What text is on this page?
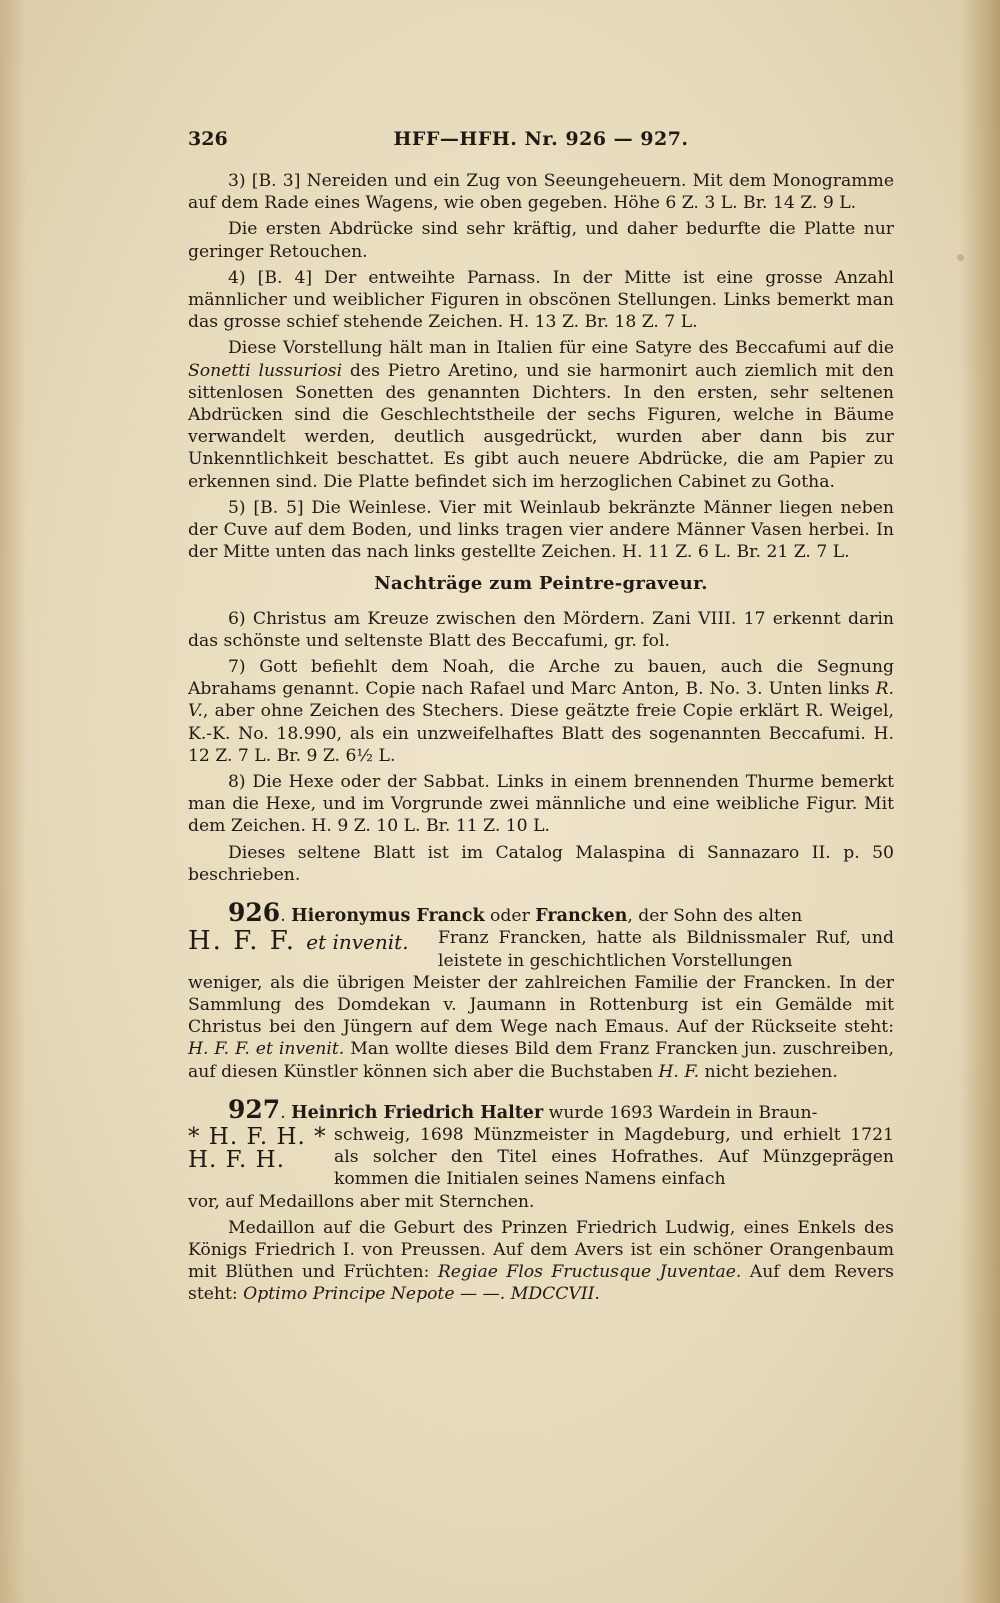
326	HFF—HFH. Nr. 926 — 927.

3) [B. 3] Nereiden und ein Zug von Seeungeheuern. Mit dem Monogramme auf dem Rade eines Wagens, wie oben gegeben. Höhe 6 Z. 3 L. Br. 14 Z. 9 L.

Die ersten Abdrücke sind sehr kräftig, und daher bedurfte die Platte nur geringer Retouchen.

4) [B. 4] Der entweihte Parnass. In der Mitte ist eine grosse Anzahl männlicher und weiblicher Figuren in obscönen Stellungen. Links bemerkt man das grosse schief stehende Zeichen. H. 13 Z. Br. 18 Z. 7 L.

Diese Vorstellung hält man in Italien für eine Satyre des Beccafumi auf die Sonetti lussuriosi des Pietro Aretino, und sie harmonirt auch ziemlich mit den sittenlosen Sonetten des genannten Dichters. In den ersten, sehr seltenen Abdrücken sind die Geschlechtstheile der sechs Figuren, welche in Bäume verwandelt werden, deutlich ausgedrückt, wurden aber dann bis zur Unkenntlichkeit beschattet. Es gibt auch neuere Abdrücke, die am Papier zu erkennen sind. Die Platte befindet sich im herzoglichen Cabinet zu Gotha.

5) [B. 5] Die Weinlese. Vier mit Weinlaub bekränzte Männer liegen neben der Cuve auf dem Boden, und links tragen vier andere Männer Vasen herbei. In der Mitte unten das nach links gestellte Zeichen. H. 11 Z. 6 L. Br. 21 Z. 7 L.

Nachträge zum Peintre-graveur.

6) Christus am Kreuze zwischen den Mördern. Zani VIII. 17 erkennt darin das schönste und seltenste Blatt des Beccafumi, gr. fol.

7) Gott befiehlt dem Noah, die Arche zu bauen, auch die Segnung Abrahams genannt. Copie nach Rafael und Marc Anton, B. No. 3. Unten links R. V., aber ohne Zeichen des Stechers. Diese geätzte freie Copie erklärt R. Weigel, K.-K. No. 18.990, als ein unzweifelhaftes Blatt des sogenannten Beccafumi. H. 12 Z. 7 L. Br. 9 Z. 6½ L.

8) Die Hexe oder der Sabbat. Links in einem brennenden Thurme bemerkt man die Hexe, und im Vorgrunde zwei männliche und eine weibliche Figur. Mit dem Zeichen. H. 9 Z. 10 L. Br. 11 Z. 10 L.

Dieses seltene Blatt ist im Catalog Malaspina di Sannazaro II. p. 50 beschrieben.

926. Hieronymus Franck oder Francken, der Sohn des alten

H. F. F. et invenit.	Franz Francken, hatte als Bildnissmaler Ruf, und leistete in geschichtlichen Vorstellungen

weniger, als die übrigen Meister der zahlreichen Familie der Francken. In der Sammlung des Domdekan v. Jaumann in Rottenburg ist ein Gemälde mit Christus bei den Jüngern auf dem Wege nach Emaus. Auf der Rückseite steht: H. F. F. et invenit. Man wollte dieses Bild dem Franz Francken jun. zuschreiben, auf diesen Künstler können sich aber die Buchstaben H. F. nicht beziehen.

927. Heinrich Friedrich Halter wurde 1693 Wardein in Braun-

* H. F. H. *
H. F. H.
schweig, 1698 Münzmeister in Magdeburg, und erhielt 1721 als solcher den Titel eines Hofrathes. Auf Münzgeprägen kommen die Initialen seines Namens einfach

vor, auf Medaillons aber mit Sternchen.

Medaillon auf die Geburt des Prinzen Friedrich Ludwig, eines Enkels des Königs Friedrich I. von Preussen. Auf dem Avers ist ein schöner Orangenbaum mit Blüthen und Früchten: Regiae Flos Fructusque Juventae. Auf dem Revers steht: Optimo Principe Nepote — —. MDCCVII.
